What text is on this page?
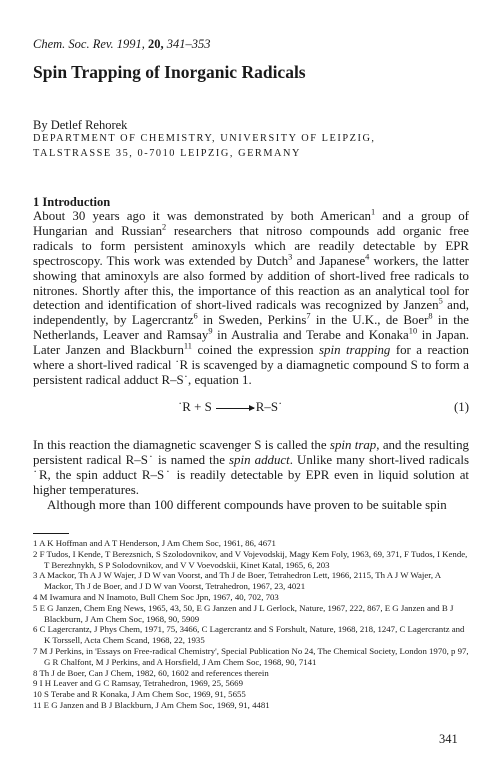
Chem. Soc. Rev. 1991, 20, 341–353
Spin Trapping of Inorganic Radicals
By Detlef Rehorek
DEPARTMENT OF CHEMISTRY, UNIVERSITY OF LEIPZIG,
TALSTRASSE 35, 0-7010 LEIPZIG, GERMANY
1 Introduction
About 30 years ago it was demonstrated by both American$^1$ and a group of Hungarian and Russian$^2$ researchers that nitroso compounds add organic free radicals to form persistent aminoxyls which are readily detectable by EPR spectroscopy. This work was extended by Dutch$^3$ and Japanese$^4$ workers, the latter showing that aminoxyls are also formed by addition of short-lived free radicals to nitrones. Shortly after this, the importance of this reaction as an analytical tool for detection and identification of short-lived radicals was recognized by Janzen$^5$ and, independently, by Lagercrantz$^6$ in Sweden, Perkins$^7$ in the U.K., de Boer$^8$ in the Netherlands, Leaver and Ramsay$^9$ in Australia and Terabe and Konaka$^{10}$ in Japan. Later Janzen and Blackburn$^{11}$ coined the expression spin trapping for a reaction where a short-lived radical ˙R is scavenged by a diamagnetic compound S to form a persistent radical adduct R–S˙, equation 1.
˙R + S → R–S˙	(1)
In this reaction the diamagnetic scavenger S is called the spin trap, and the resulting persistent radical R–S˙ is named the spin adduct. Unlike many short-lived radicals ˙R, the spin adduct R–S˙ is readily detectable by EPR even in liquid solution at higher temperatures.
Although more than 100 different compounds have proven to be suitable spin
1 A K Hoffman and A T Henderson, J Am Chem Soc, 1961, 86, 4671
2 F Tudos, I Kende, T Berezsnich, S Szolodovnikov, and V Vojevodskij, Magy Kem Foly, 1963, 69, 371, F Tudos, I Kende, T Berezhnykh, S P Solodovnikov, and V V Voevodskii, Kinet Katal, 1965, 6, 203
3 A Mackor, Th A J W Wajer, J D W van Voorst, and Th J de Boer, Tetrahedron Lett, 1966, 2115, Th A J W Wajer, A Mackor, Th J de Boer, and J D W van Voorst, Tetrahedron, 1967, 23, 4021
4 M Iwamura and N Inamoto, Bull Chem Soc Jpn, 1967, 40, 702, 703
5 E G Janzen, Chem Eng News, 1965, 43, 50, E G Janzen and J L Gerlock, Nature, 1967, 222, 867, E G Janzen and B J Blackburn, J Am Chem Soc, 1968, 90, 5909
6 C Lagercrantz, J Phys Chem, 1971, 75, 3466, C Lagercrantz and S Forshult, Nature, 1968, 218, 1247, C Lagercrantz and K Torssell, Acta Chem Scand, 1968, 22, 1935
7 M J Perkins, in 'Essays on Free-radical Chemistry', Special Publication No 24, The Chemical Society, London 1970, p 97, G R Chalfont, M J Perkins, and A Horsfield, J Am Chem Soc, 1968, 90, 7141
8 Th J de Boer, Can J Chem, 1982, 60, 1602 and references therein
9 I H Leaver and G C Ramsay, Tetrahedron, 1969, 25, 5669
10 S Terabe and R Konaka, J Am Chem Soc, 1969, 91, 5655
11 E G Janzen and B J Blackburn, J Am Chem Soc, 1969, 91, 4481
341
